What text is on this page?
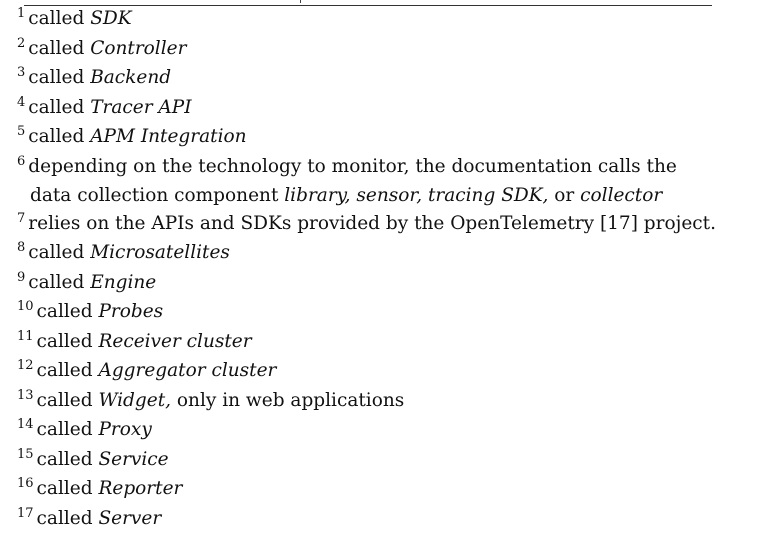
$^1$ called SDK
$^2$ called Controller
$^3$ called Backend
$^4$ called Tracer API
$^5$ called APM Integration
$^6$ depending on the technology to monitor, the documentation calls the
data collection component library, sensor, tracing SDK, or collector
$^7$ relies on the APIs and SDKs provided by the OpenTelemetry [17] project.
$^8$ called Microsatellites
$^9$ called Engine
$^{10}$ called Probes
$^{11}$ called Receiver cluster
$^{12}$ called Aggregator cluster
$^{13}$ called Widget, only in web applications
$^{14}$ called Proxy
$^{15}$ called Service
$^{16}$ called Reporter
$^{17}$ called Server
